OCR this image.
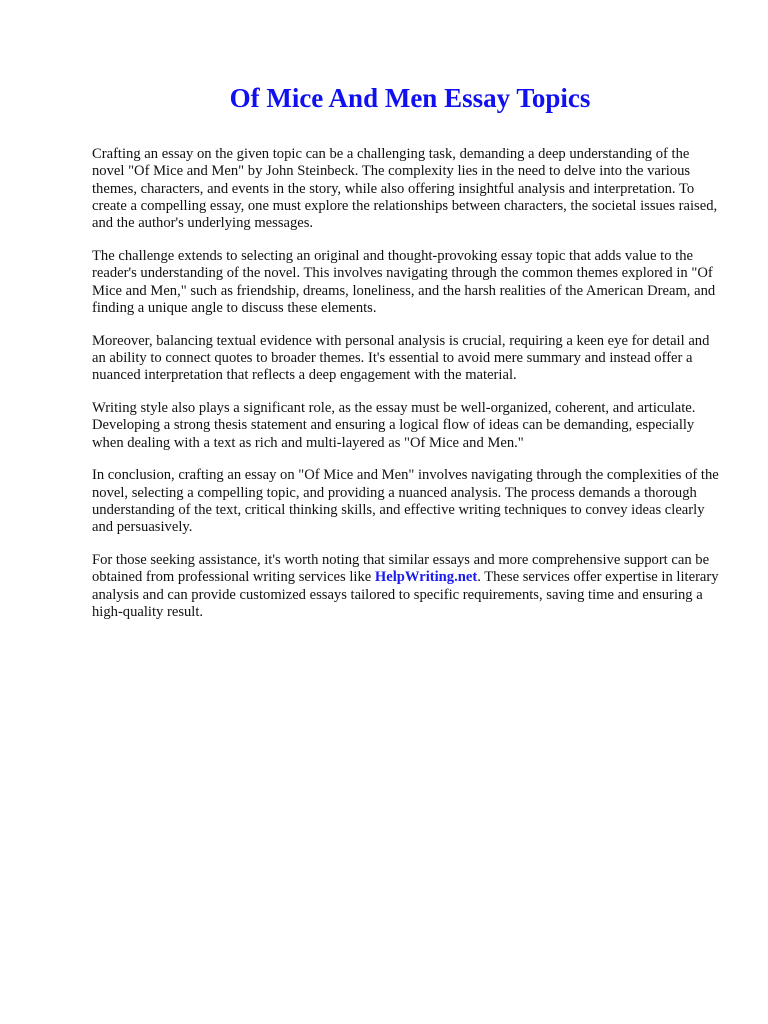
Of Mice And Men Essay Topics

Crafting an essay on the given topic can be a challenging task, demanding a deep understanding of the novel "Of Mice and Men" by John Steinbeck. The complexity lies in the need to delve into the various themes, characters, and events in the story, while also offering insightful analysis and interpretation. To create a compelling essay, one must explore the relationships between characters, the societal issues raised, and the author's underlying messages.

The challenge extends to selecting an original and thought-provoking essay topic that adds value to the reader's understanding of the novel. This involves navigating through the common themes explored in "Of Mice and Men," such as friendship, dreams, loneliness, and the harsh realities of the American Dream, and finding a unique angle to discuss these elements.

Moreover, balancing textual evidence with personal analysis is crucial, requiring a keen eye for detail and an ability to connect quotes to broader themes. It's essential to avoid mere summary and instead offer a nuanced interpretation that reflects a deep engagement with the material.

Writing style also plays a significant role, as the essay must be well-organized, coherent, and articulate. Developing a strong thesis statement and ensuring a logical flow of ideas can be demanding, especially when dealing with a text as rich and multi-layered as "Of Mice and Men."

In conclusion, crafting an essay on "Of Mice and Men" involves navigating through the complexities of the novel, selecting a compelling topic, and providing a nuanced analysis. The process demands a thorough understanding of the text, critical thinking skills, and effective writing techniques to convey ideas clearly and persuasively.

For those seeking assistance, it's worth noting that similar essays and more comprehensive support can be obtained from professional writing services like HelpWriting.net. These services offer expertise in literary analysis and can provide customized essays tailored to specific requirements, saving time and ensuring a high-quality result.
